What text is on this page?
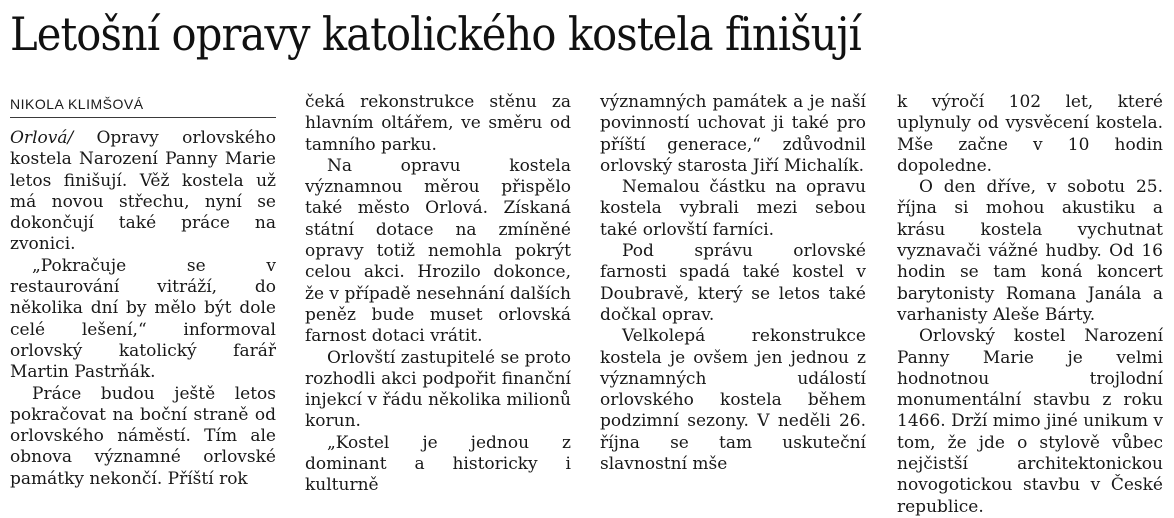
Letošní opravy katolického kostela finišují
NIKOLA KLIMŠOVÁ

Orlová/ Opravy orlovského kostela Narození Panny Marie letos finišují. Věž kostela už má novou střechu, nyní se dokončují také práce na zvonici.

„Pokračuje se v restaurování vitráží, do několika dní by mělo být dole celé lešení,“ informoval orlovský katolický farář Martin Pastrňák.

Práce budou ještě letos pokračovat na boční straně od orlovského náměstí. Tím ale obnova významné orlovské památky nekončí. Příští rok

čeká rekonstrukce stěnu za hlavním oltářem, ve směru od tamního parku.

Na opravu kostela významnou měrou přispělo také město Orlová. Získaná státní dotace na zmíněné opravy totiž nemohla pokrýt celou akci. Hrozilo dokonce, že v případě nesehnání dalších peněz bude muset orlovská farnost dotaci vrátit.

Orlovští zastupitelé se proto rozhodli akci podpořit finanční injekcí v řádu několika milionů korun.

„Kostel je jednou z dominant a historicky i kulturně

významných památek a je naší povinností uchovat ji také pro příští generace,“ zdůvodnil orlovský starosta Jiří Michalík.

Nemalou částku na opravu kostela vybrali mezi sebou také orlovští farníci.

Pod správu orlovské farnosti spadá také kostel v Doubravě, který se letos také dočkal oprav.

Velkolepá rekonstrukce kostela je ovšem jen jednou z významných událostí orlovského kostela během podzimní sezony. V neděli 26. října se tam uskuteční slavnostní mše

k výročí 102 let, které uplynuly od vysvěcení kostela. Mše začne v 10 hodin dopoledne.

O den dříve, v sobotu 25. října si mohou akustiku a krásu kostela vychutnat vyznavači vážné hudby. Od 16 hodin se tam koná koncert barytonisty Romana Janála a varhanisty Aleše Bárty.

Orlovský kostel Narození Panny Marie je velmi hodnotnou trojlodní monumentální stavbu z roku 1466. Drží mimo jiné unikum v tom, že jde o stylově vůbec nejčistší architektonickou novogotickou stavbu v České republice.
